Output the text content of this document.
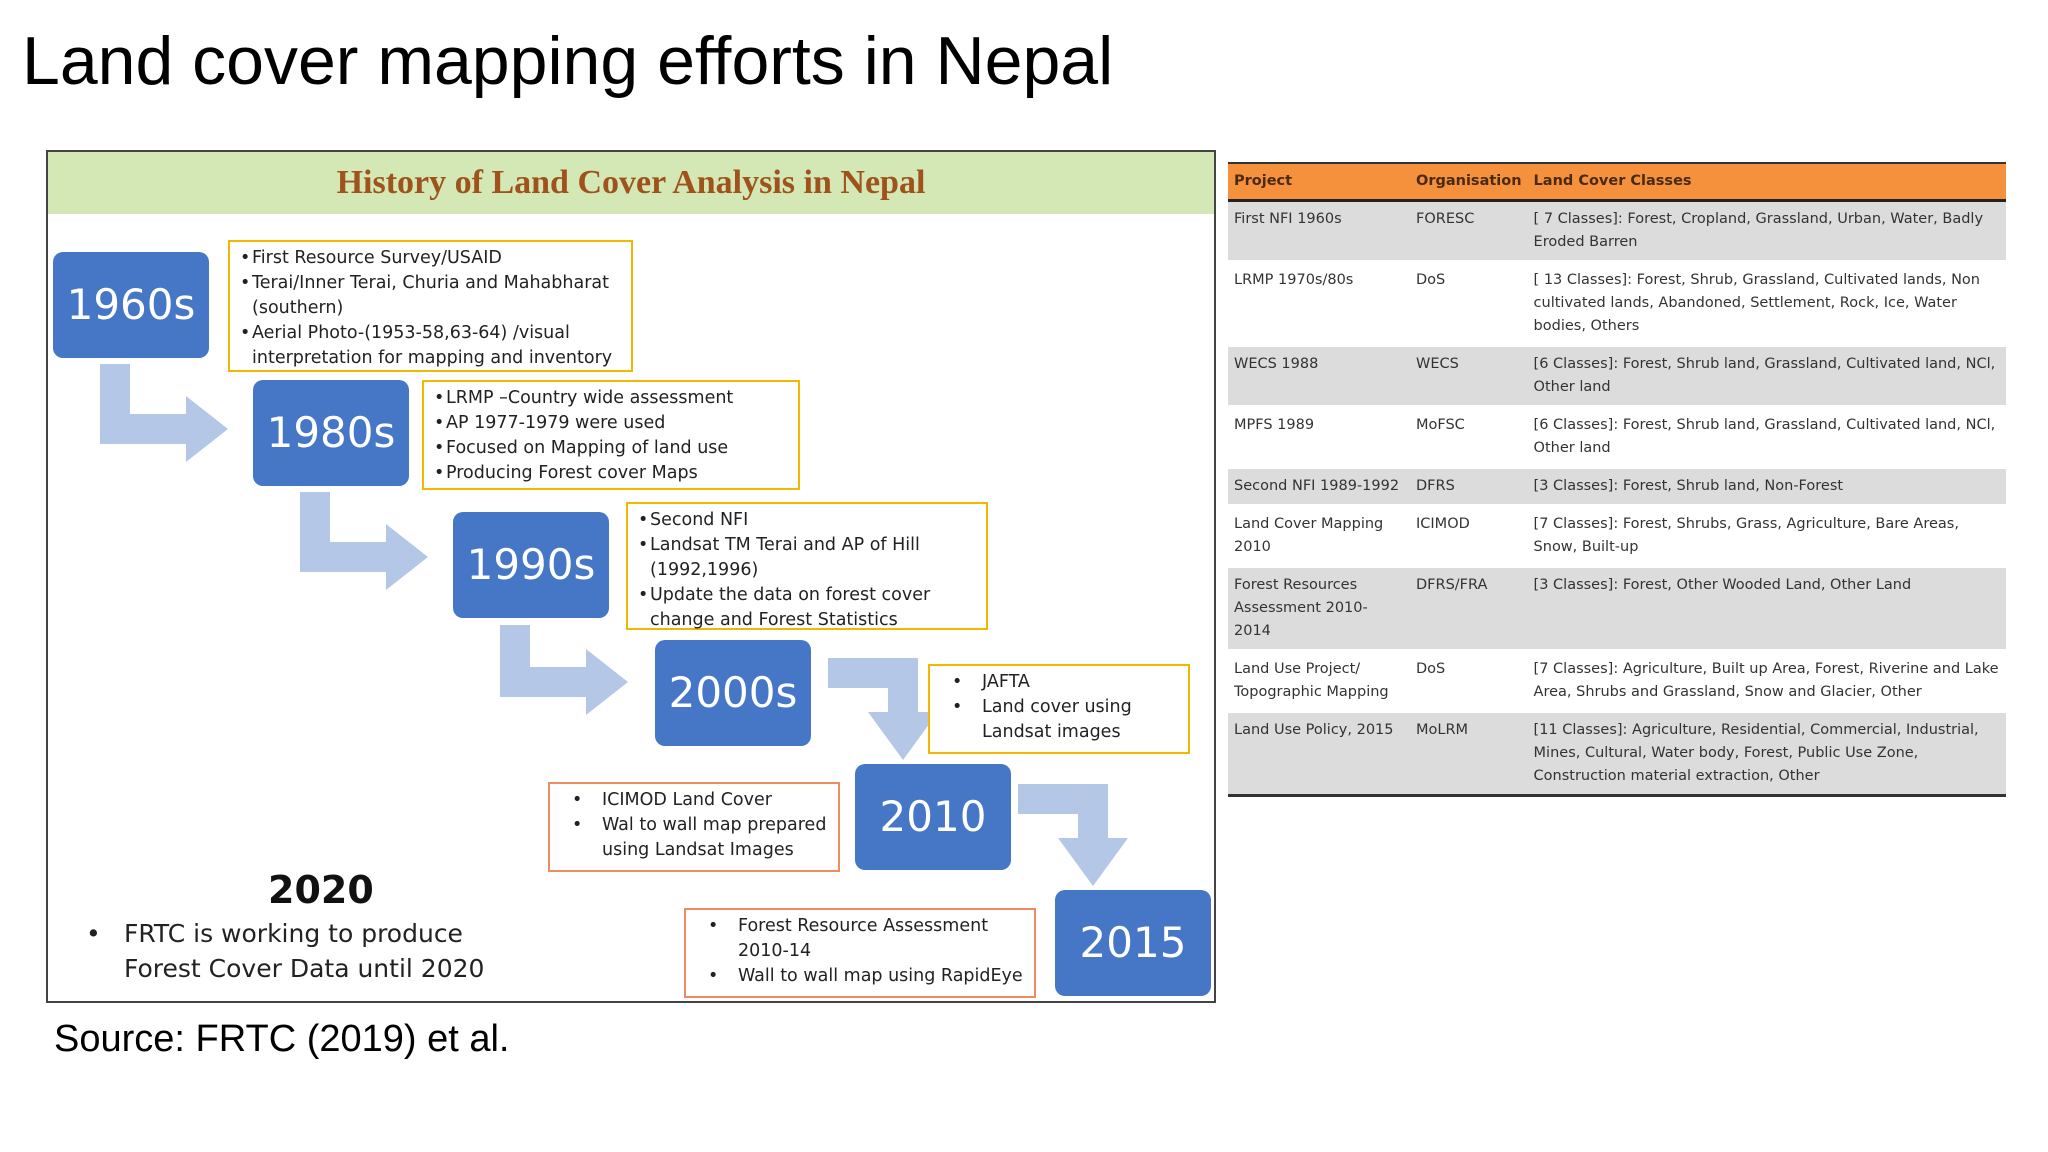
Land cover mapping efforts in Nepal
History of Land Cover Analysis in Nepal
1960s
1980s
1990s
2000s
2010
2015
• First Resource Survey/USAID
• Terai/Inner Terai, Churia and Mahabharat (southern)
• Aerial Photo-(1953-58,63-64) /visual interpretation for mapping and inventory
• LRMP –Country wide assessment
• AP 1977-1979 were used
• Focused on Mapping of land use
• Producing Forest cover Maps
• Second NFI
• Landsat TM Terai and AP of Hill (1992,1996)
• Update the data on forest cover change and Forest Statistics
• JAFTA
• Land cover using Landsat images
• ICIMOD Land Cover
• Wal to wall map prepared using Landsat Images
• Forest Resource Assessment 2010-14
• Wall to wall map using RapidEye
2020
• FRTC is working to produce Forest Cover Data until 2020
Project	Organisation	Land Cover Classes
First NFI 1960s	FORESC	[ 7 Classes]: Forest, Cropland, Grassland, Urban, Water, Badly Eroded Barren
LRMP 1970s/80s	DoS	[ 13 Classes]: Forest, Shrub, Grassland, Cultivated lands, Non cultivated lands, Abandoned, Settlement, Rock, Ice, Water bodies, Others
WECS 1988	WECS	[6 Classes]: Forest, Shrub land, Grassland, Cultivated land, NCl, Other land
MPFS 1989	MoFSC	[6 Classes]: Forest, Shrub land, Grassland, Cultivated land, NCl, Other land
Second NFI 1989-1992	DFRS	[3 Classes]: Forest, Shrub land, Non-Forest
Land Cover Mapping 2010	ICIMOD	[7 Classes]: Forest, Shrubs, Grass, Agriculture, Bare Areas, Snow, Built-up
Forest Resources Assessment 2010-2014	DFRS/FRA	[3 Classes]: Forest, Other Wooded Land, Other Land
Land Use Project/ Topographic Mapping	DoS	[7 Classes]: Agriculture, Built up Area, Forest, Riverine and Lake Area, Shrubs and Grassland, Snow and Glacier, Other
Land Use Policy, 2015	MoLRM	[11 Classes]: Agriculture, Residential, Commercial, Industrial, Mines, Cultural, Water body, Forest, Public Use Zone, Construction material extraction, Other
Source: FRTC (2019) et al.
